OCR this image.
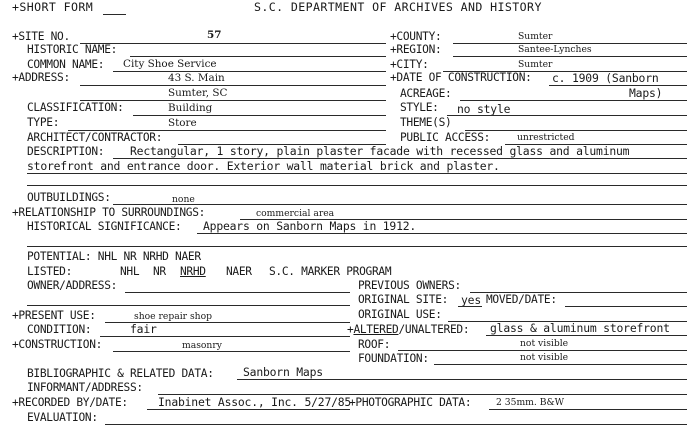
+SHORT FORM	S.C. DEPARTMENT OF ARCHIVES AND HISTORY
+SITE NO.	57
HISTORIC NAME:
COMMON NAME: City Shoe Service
+ADDRESS:	43 S. Main
Sumter, SC
CLASSIFICATION:	Building
TYPE:	Store
ARCHITECT/CONTRACTOR:
+COUNTY:	Sumter
+REGION:	Santee-Lynches
+CITY:	Sumter
+DATE OF CONSTRUCTION: c. 1909 (Sanborn
Maps)
ACREAGE:
STYLE: no style
THEME(S)
PUBLIC ACCESS:	unrestricted
DESCRIPTION: Rectangular, 1 story, plain plaster facade with recessed glass and aluminum
storefront and entrance door. Exterior wall material brick and plaster.
OUTBUILDINGS:	none
+RELATIONSHIP TO SURROUNDINGS:	commercial area
HISTORICAL SIGNIFICANCE: Appears on Sanborn Maps in 1912.
POTENTIAL: NHL NR NRHD NAER
LISTED:	NHL NR NRHD NAER S.C. MARKER PROGRAM
OWNER/ADDRESS:	PREVIOUS OWNERS:
ORIGINAL SITE: yes MOVED/DATE:
+PRESENT USE:	shoe repair shop	ORIGINAL USE:
CONDITION:	fair	+ALTERED/UNALTERED: glass & aluminum storefront
+CONSTRUCTION:	masonry	ROOF:	not visible
FOUNDATION:	not visible
BIBLIOGRAPHIC & RELATED DATA:	Sanborn Maps
INFORMANT/ADDRESS:
+RECORDED BY/DATE:	Inabinet Assoc., Inc. 5/27/85
+PHOTOGRAPHIC DATA:	2 35mm. B&W
EVALUATION:
